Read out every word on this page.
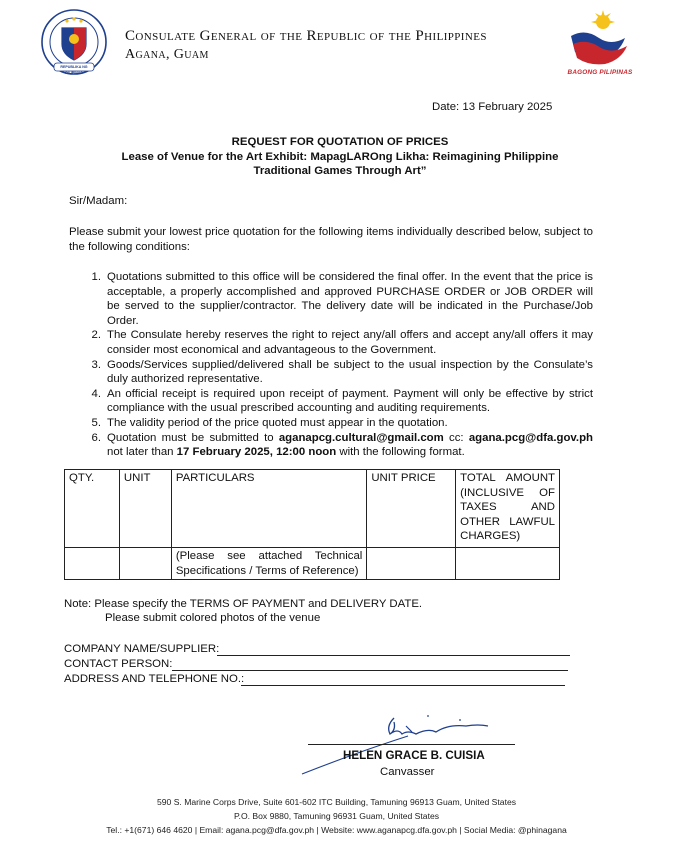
REPUBLIKA NG PILIPINAS
Consulate General of the Republic of the Philippines
Agana, Guam
BAGONG PILIPINAS
Date: 13 February 2025
REQUEST FOR QUOTATION OF PRICES
Lease of Venue for the Art Exhibit: MapagLAROng Likha: Reimagining Philippine
Traditional Games Through Art”
Sir/Madam:
Please submit your lowest price quotation for the following items individually described below, subject to the following conditions:
1. Quotations submitted to this office will be considered the final offer. In the event that the price is acceptable, a properly accomplished and approved PURCHASE ORDER or JOB ORDER will be served to the supplier/contractor. The delivery date will be indicated in the Purchase/Job Order.
2. The Consulate hereby reserves the right to reject any/all offers and accept any/all offers it may consider most economical and advantageous to the Government.
3. Goods/Services supplied/delivered shall be subject to the usual inspection by the Consulate’s duly authorized representative.
4. An official receipt is required upon receipt of payment. Payment will only be effective by strict compliance with the usual prescribed accounting and auditing requirements.
5. The validity period of the price quoted must appear in the quotation.
6. Quotation must be submitted to aganapcg.cultural@gmail.com cc: agana.pcg@dfa.gov.ph not later than 17 February 2025, 12:00 noon with the following format.
QTY.	UNIT	PARTICULARS	UNIT PRICE	TOTAL AMOUNT (INCLUSIVE OF TAXES AND OTHER LAWFUL CHARGES)
		(Please see attached Technical Specifications / Terms of Reference)		
Note: Please specify the TERMS OF PAYMENT and DELIVERY DATE.
Please submit colored photos of the venue
COMPANY NAME/SUPPLIER:
CONTACT PERSON:
ADDRESS AND TELEPHONE NO.:
HELEN GRACE B. CUISIA
Canvasser
590 S. Marine Corps Drive, Suite 601-602 ITC Building, Tamuning 96913 Guam, United States
P.O. Box 9880, Tamuning 96931 Guam, United States
Tel.: +1(671) 646 4620 | Email: agana.pcg@dfa.gov.ph | Website: www.aganapcg.dfa.gov.ph | Social Media: @phinagana
